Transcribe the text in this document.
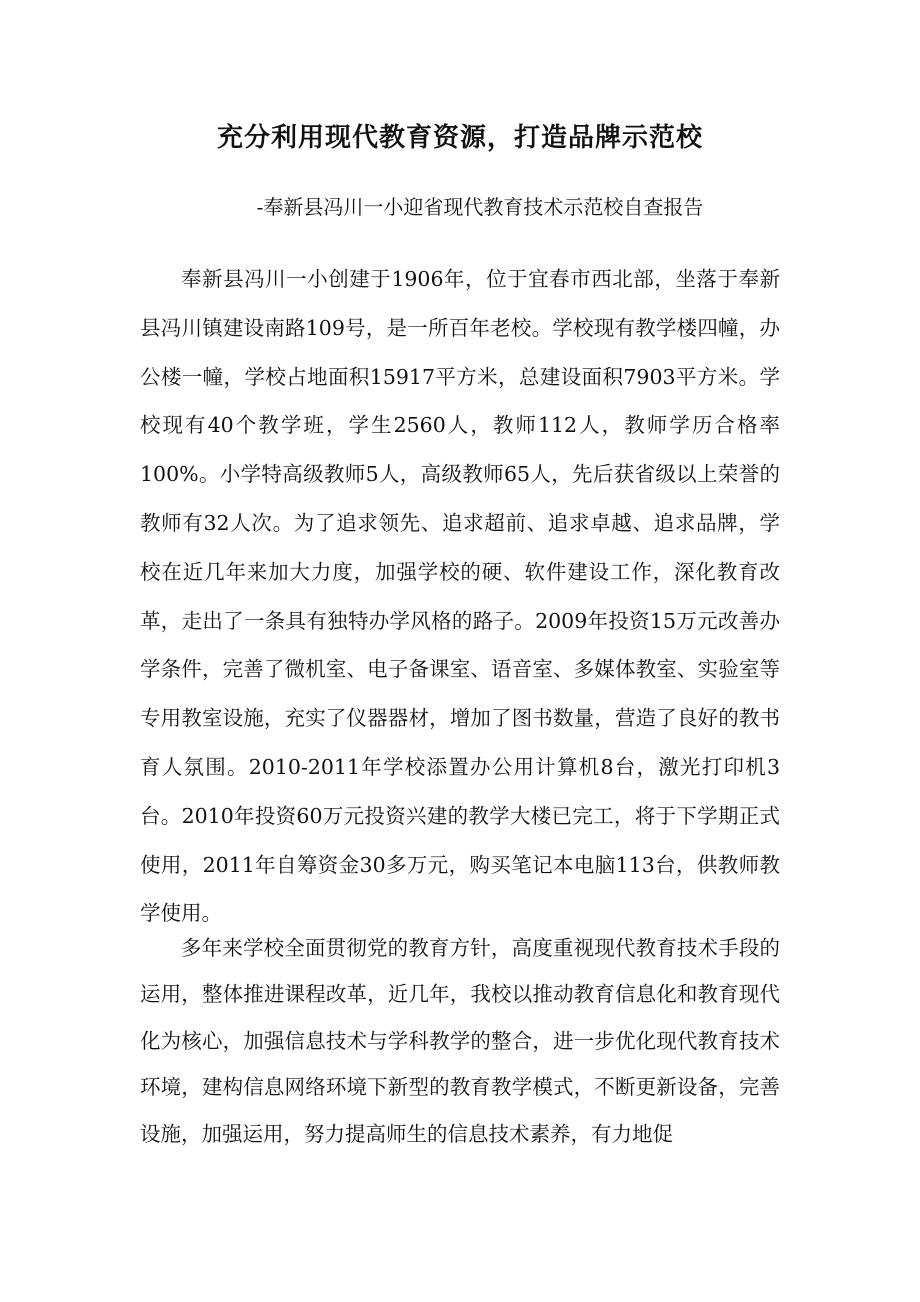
充分利用现代教育资源，打造品牌示范校

-奉新县冯川一小迎省现代教育技术示范校自查报告

奉新县冯川一小创建于1906年，位于宜春市西北部，坐落于奉新县冯川镇建设南路109号，是一所百年老校。学校现有教学楼四幢，办公楼一幢，学校占地面积15917平方米，总建设面积7903平方米。学校现有40个教学班，学生2560人，教师112人，教师学历合格率100%。小学特高级教师5人，高级教师65人，先后获省级以上荣誉的教师有32人次。为了追求领先、追求超前、追求卓越、追求品牌，学校在近几年来加大力度，加强学校的硬、软件建设工作，深化教育改革，走出了一条具有独特办学风格的路子。2009年投资15万元改善办学条件，完善了微机室、电子备课室、语音室、多媒体教室、实验室等专用教室设施，充实了仪器器材，增加了图书数量，营造了良好的教书育人氛围。2010-2011年学校添置办公用计算机8台，激光打印机3台。2010年投资60万元投资兴建的教学大楼已完工，将于下学期正式使用，2011年自筹资金30多万元，购买笔记本电脑113台，供教师教学使用。

多年来学校全面贯彻党的教育方针，高度重视现代教育技术手段的运用，整体推进课程改革，近几年，我校以推动教育信息化和教育现代化为核心，加强信息技术与学科教学的整合，进一步优化现代教育技术环境，建构信息网络环境下新型的教育教学模式，不断更新设备，完善设施，加强运用，努力提高师生的信息技术素养，有力地促
